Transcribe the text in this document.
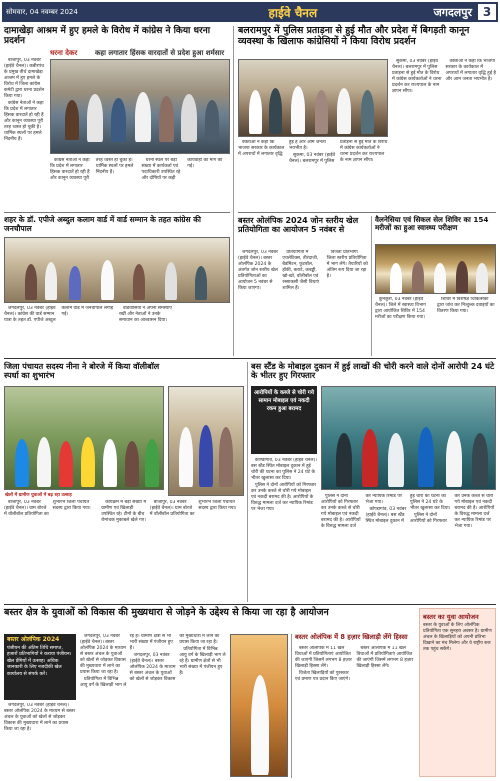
सोमवार, 04 नवम्बर 2024	हाईवे चैनल	जगदलपुर 3
दामाखेड़ा आश्रम में हुए हमले के विरोध में कांग्रेस ने किया धरना प्रदर्शन
धरना देकर	कहा लगातार हिंसक वारदातों से प्रदेश हुआ शर्मसार

बीजापुर, 03 नवंबर (हाईवे चैनल)। कबीरपंथ के प्रमुख तीर्थ दामाखेड़ा आश्रम में हुए हमले के विरोध में जिला कांग्रेस कमेटी द्वारा धरना प्रदर्शन किया गया।

कांग्रेस नेताओं ने कहा कि प्रदेश में लगातार हिंसक वारदातें हो रही हैं और कानून व्यवस्था पूरी तरह ध्वस्त हो चुकी है। धार्मिक स्थलों पर हमले निंदनीय हैं।

कांग्रेस नेताओं ने कहा कि प्रदेश में लगातार हिंसक वारदातें हो रही हैं और कानून व्यवस्था पूरी तरह ध्वस्त हो चुकी है। धार्मिक स्थलों पर हमले निंदनीय हैं।

धरना स्थल पर बड़ी संख्या में कार्यकर्ता एवं पदाधिकारी उपस्थित रहे और दोषियों पर कड़ी कार्यवाही की मांग की गई।

शहर के डॉ. एपीजे अब्दुल कलाम वार्ड में वार्ड सम्मान के तहत कांग्रेस की जनचौपाल

जगदलपुर, 03 नवंबर (हाईवे चैनल)। कांग्रेस की वार्ड सम्मान यात्रा के तहत डॉ. एपीजे अब्दुल कलाम वार्ड में जनचौपाल लगाई गई।

वार्डवासियों ने अपनी समस्याएं रखीं और नेताओं ने उनके समाधान का आश्वासन दिया।

बलरामपुर में पुलिस प्रताड़ना से हुई मौत और प्रदेश में बिगड़ती कानून व्यवस्था के खिलाफ कांग्रेसियों ने किया विरोध प्रदर्शन

सुकमा, 03 नवंबर (हाईवे चैनल)। बलरामपुर में पुलिस प्रताड़ना से हुई मौत के विरोध में कांग्रेस कार्यकर्ताओं ने धरना प्रदर्शन कर राज्यपाल के नाम ज्ञापन सौंपा।

वक्ताओं ने कहा कि भाजपा सरकार के कार्यकाल में अपराधों में लगातार वृद्धि हुई है और आम जनता भयभीत है।

वक्ताओं ने कहा कि भाजपा सरकार के कार्यकाल में अपराधों में लगातार वृद्धि हुई है और आम जनता भयभीत है।

सुकमा, 03 नवंबर (हाईवे चैनल)। बलरामपुर में पुलिस प्रताड़ना से हुई मौत के विरोध में कांग्रेस कार्यकर्ताओं ने धरना प्रदर्शन कर राज्यपाल के नाम ज्ञापन सौंपा।

बस्तर ओलंपिक 2024 जोन स्तरीय खेल प्रतियोगिता का आयोजन 5 नवंबर से

जगदलपुर, 03 नवंबर (हाईवे चैनल)। बस्तर ओलंपिक 2024 के अंतर्गत जोन स्तरीय खेल प्रतियोगिताओं का आयोजन 5 नवंबर से किया जाएगा।

प्रतियोगिता में एथलेटिक्स, तीरंदाजी, बैडमिंटन, फुटबॉल, हॉकी, कराटे, कबड्डी, खो-खो, वॉलीबॉल एवं रस्साकसी जैसी विधाएं शामिल हैं।

विजेता प्रतिभागी जिला स्तरीय प्रतियोगिता में भाग लेंगे। तैयारियों को अंतिम रूप दिया जा रहा है।

वैलनेसिया एवं सिकल सेल शिविर का 154 मरीजों का हुआ स्वास्थ्य परीक्षण

कुनकुरी, 03 नवंबर (हाईवे चैनल)। जिले में स्वास्थ्य विभाग द्वारा आयोजित शिविर में 154 मरीजों का परीक्षण किया गया।

शिविर में विशेषज्ञ चिकित्सकों द्वारा जांच कर निःशुल्क दवाइयों का वितरण किया गया।

जिला पंचायत सदस्य नीना ने बोरजे में किया वॉलीबॉल स्पर्धा का शुभारंभ
खेलों में ग्रामीण युवाओं में बढ़ रहा उत्साह

बीजापुर, 03 नवंबर (हाईवे चैनल)। ग्राम बोरजे में वॉलीबॉल प्रतियोगिता का शुभारंभ जिला पंचायत सदस्य द्वारा किया गया।

कार्यक्रम में बड़ी संख्या में ग्रामीण एवं खिलाड़ी उपस्थित रहे। टीमों के बीच रोमांचक मुकाबले खेले गए।

बीजापुर, 03 नवंबर (हाईवे चैनल)। ग्राम बोरजे में वॉलीबॉल प्रतियोगिता का शुभारंभ जिला पंचायत सदस्य द्वारा किया गया।

बस स्टैंड के मोबाइल दुकान में हुई लाखों की चोरी करने वाले दोनों आरोपी 24 घंटे के भीतर हुए गिरफ्तार
आरोपियों के कब्जे से चोरी गये सामान मोबाइल एवं नकदी रकम हुआ बरामद

कोण्डागांव, 03 नवंबर (हाईवे चैनल)। बस स्टैंड स्थित मोबाइल दुकान में हुई चोरी की घटना का पुलिस ने 24 घंटे के भीतर खुलासा कर दिया।

पुलिस ने दोनों आरोपियों को गिरफ्तार कर उनके कब्जे से चोरी गये मोबाइल एवं नकदी बरामद की है। आरोपियों के विरुद्ध मामला दर्ज कर न्यायिक रिमांड पर भेजा गया।

पुलिस ने दोनों आरोपियों को गिरफ्तार कर उनके कब्जे से चोरी गये मोबाइल एवं नकदी बरामद की है। आरोपियों के विरुद्ध मामला दर्ज कर न्यायिक रिमांड पर भेजा गया।

कोण्डागांव, 03 नवंबर (हाईवे चैनल)। बस स्टैंड स्थित मोबाइल दुकान में हुई चोरी की घटना का पुलिस ने 24 घंटे के भीतर खुलासा कर दिया।

पुलिस ने दोनों आरोपियों को गिरफ्तार कर उनके कब्जे से चोरी गये मोबाइल एवं नकदी बरामद की है। आरोपियों के विरुद्ध मामला दर्ज कर न्यायिक रिमांड पर भेजा गया।

बस्तर क्षेत्र के युवाओं को विकास की मुख्यधारा से जोड़ने के उद्देश्य से किया जा रहा है आयोजन
बस्तर ओलंपिक 2024
पंजीयन की अंतिम तिथि समाप्त, हजारों प्रतिभागियों ने कराया पंजीयन। खेल प्रेमियों में उत्साह। अधिक जानकारी के लिए नजदीकी खेल कार्यालय से संपर्क करें।

जगदलपुर, 03 नवंबर (हाईवे चैनल)। बस्तर ओलंपिक 2024 के माध्यम से बस्तर अंचल के युवाओं को खेलों से जोड़कर विकास की मुख्यधारा में लाने का प्रयास किया जा रहा है।

जगदलपुर, 03 नवंबर (हाईवे चैनल)। बस्तर ओलंपिक 2024 के माध्यम से बस्तर अंचल के युवाओं को खेलों से जोड़कर विकास की मुख्यधारा में लाने का प्रयास किया जा रहा है।

प्रतियोगिता में विभिन्न आयु वर्ग के खिलाड़ी भाग ले रहे हैं। ग्रामीण क्षेत्रों से भी भारी संख्या में पंजीयन हुए हैं।

जगदलपुर, 03 नवंबर (हाईवे चैनल)। बस्तर ओलंपिक 2024 के माध्यम से बस्तर अंचल के युवाओं को खेलों से जोड़कर विकास की मुख्यधारा में लाने का प्रयास किया जा रहा है।

प्रतियोगिता में विभिन्न आयु वर्ग के खिलाड़ी भाग ले रहे हैं। ग्रामीण क्षेत्रों से भी भारी संख्या में पंजीयन हुए हैं।

बस्तर ओलंपिक में 8 हज़ार खिलाड़ी लेंगे हिस्सा

बस्तर ओलंपिक में 11 खेल विधाओं में प्रतियोगिताएं आयोजित की जाएंगी जिसमें लगभग 8 हज़ार खिलाड़ी हिस्सा लेंगे।

विजेता खिलाड़ियों को पुरस्कार एवं प्रमाण पत्र प्रदान किए जाएंगे।

बस्तर ओलंपिक में 11 खेल विधाओं में प्रतियोगिताएं आयोजित की जाएंगी जिसमें लगभग 8 हज़ार खिलाड़ी हिस्सा लेंगे।

बस्तर का युवा आयोजन
बस्तर के युवाओं के लिए ओलंपिक प्रतियोगिता एक सुनहरा अवसर है। ग्रामीण अंचल के खिलाड़ियों को अपनी प्रतिभा दिखाने का मंच मिलेगा और वे राष्ट्रीय स्तर तक पहुंच सकेंगे।
